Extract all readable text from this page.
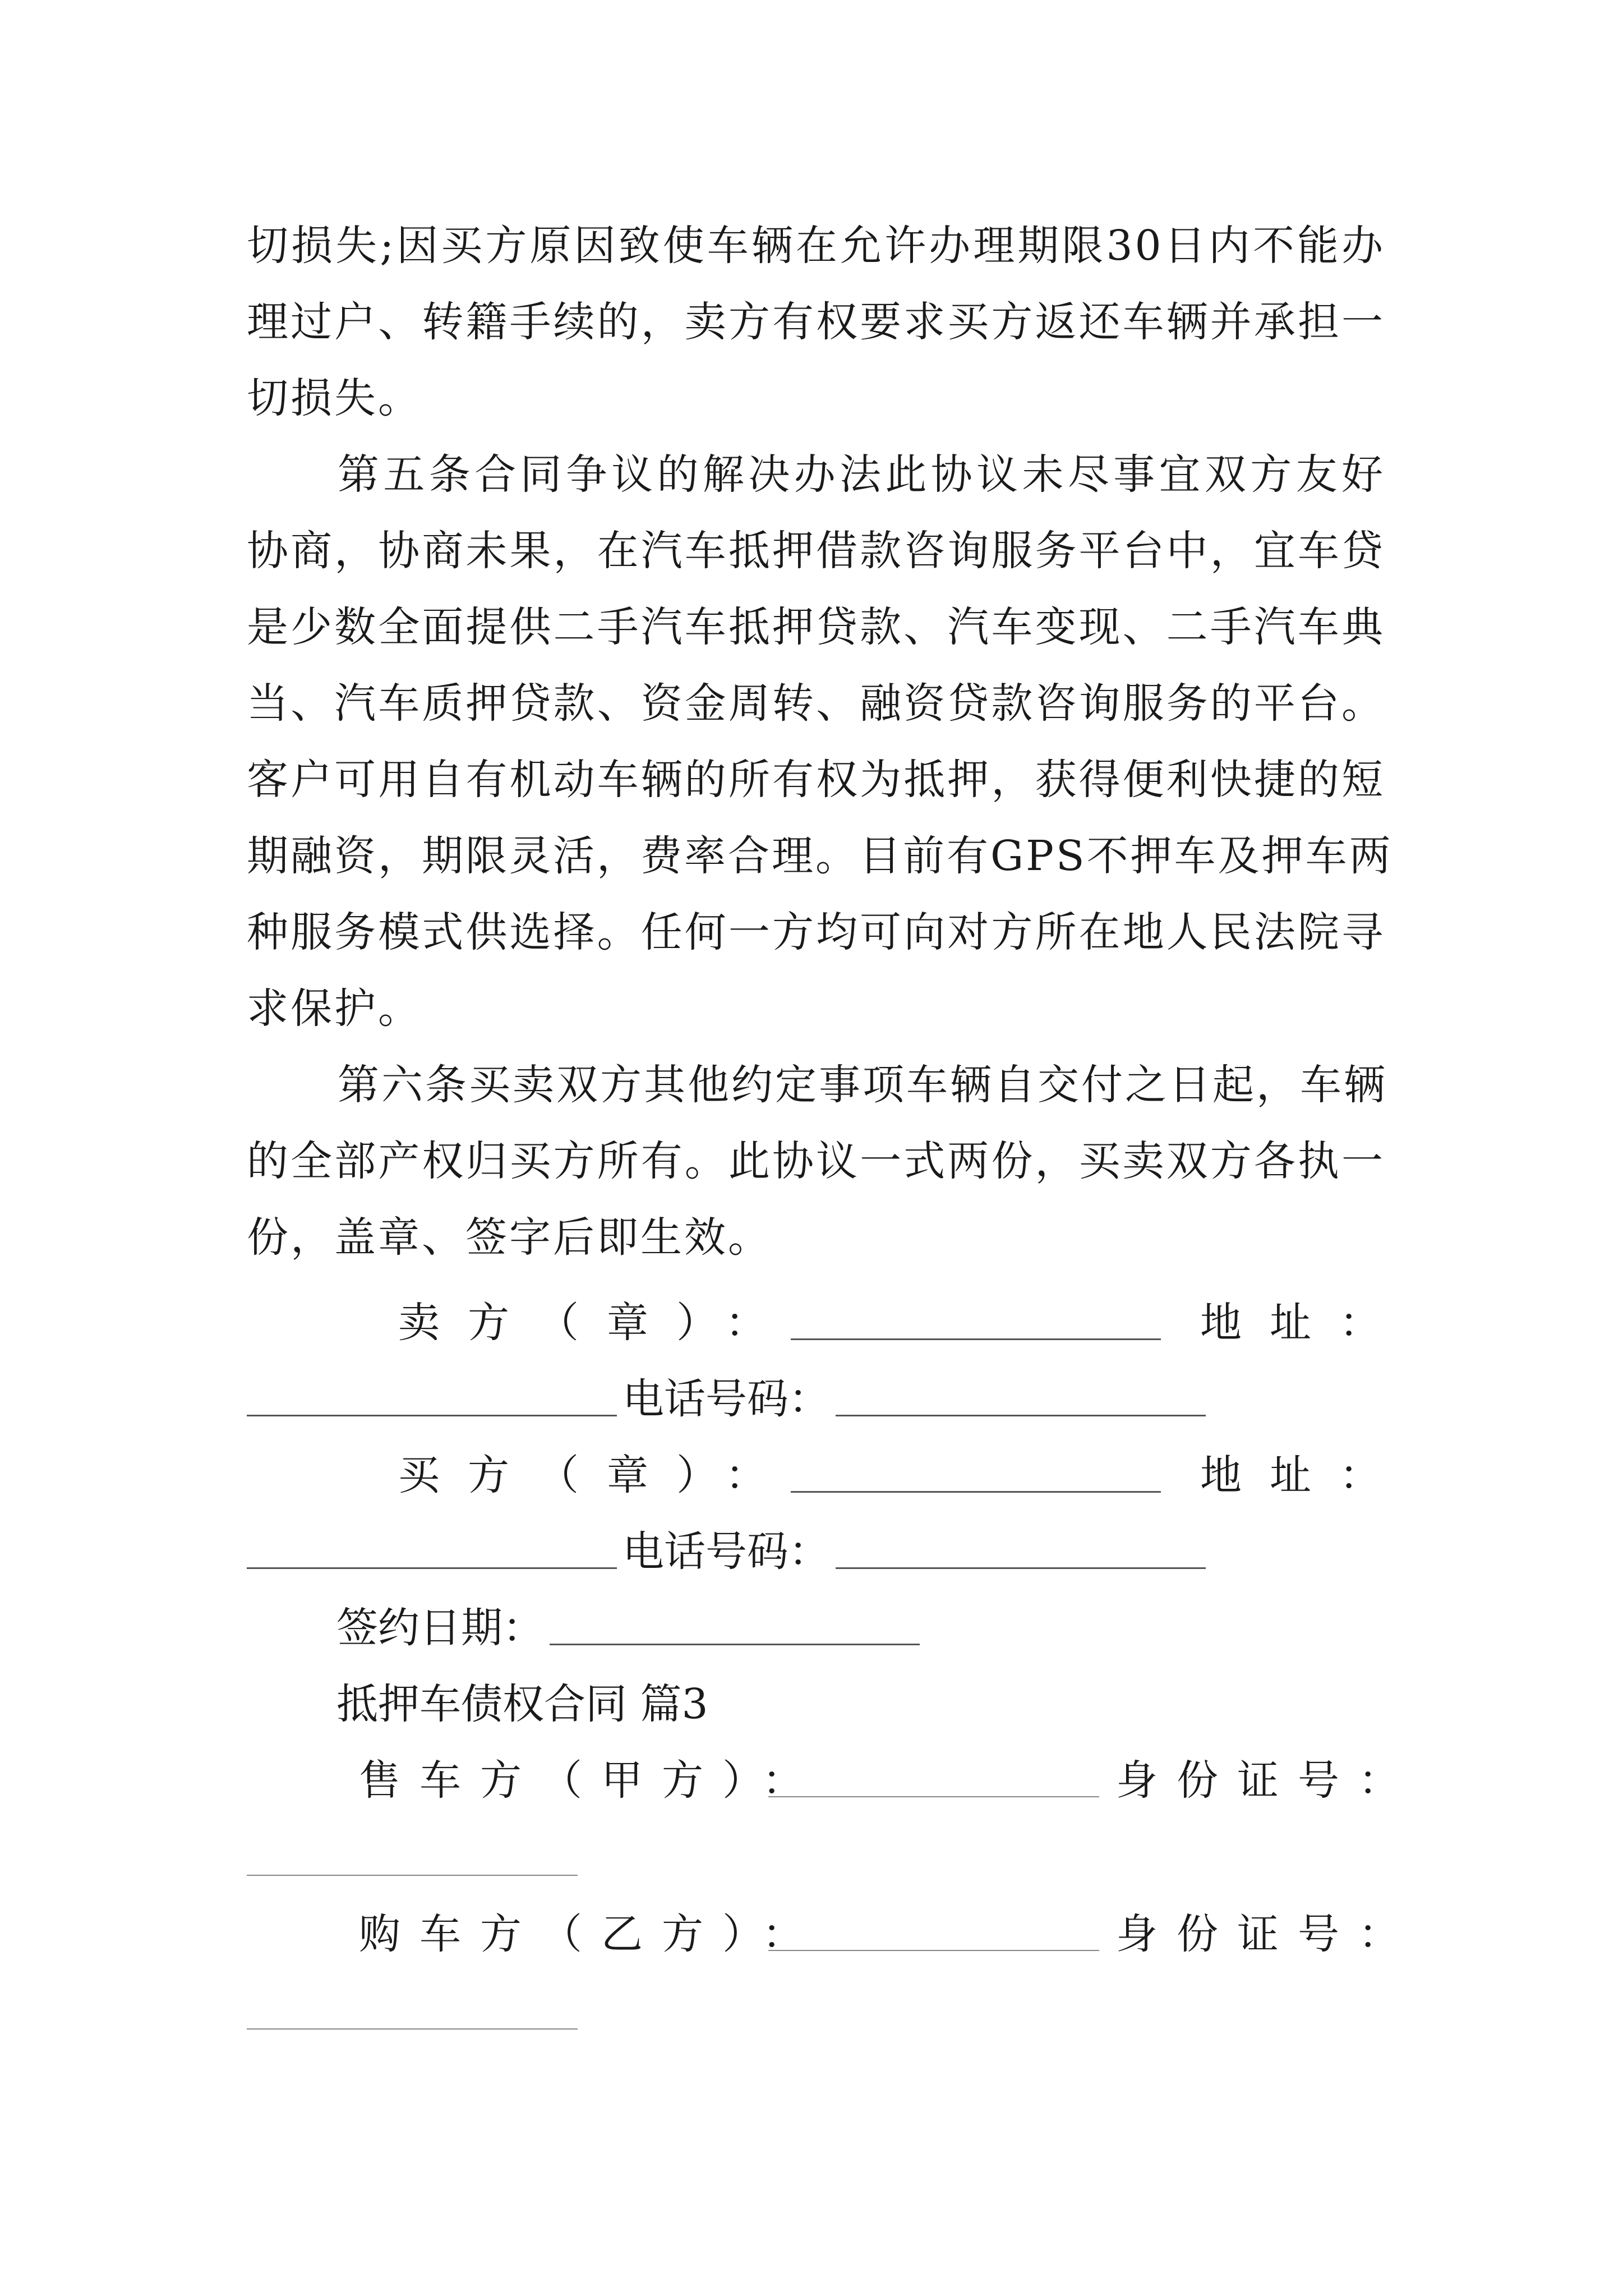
切损失;因买方原因致使车辆在允许办理期限30日内不能办
理过户、转籍手续的，卖方有权要求买方返还车辆并承担一
切损失。
第五条合同争议的解决办法此协议未尽事宜双方友好
协商，协商未果，在汽车抵押借款咨询服务平台中，宜车贷
是少数全面提供二手汽车抵押贷款、汽车变现、二手汽车典
当、汽车质押贷款、资金周转、融资贷款咨询服务的平台。
客户可用自有机动车辆的所有权为抵押，获得便利快捷的短
期融资，期限灵活，费率合理。目前有GPS不押车及押车两
种服务模式供选择。任何一方均可向对方所在地人民法院寻
求保护。
第六条买卖双方其他约定事项车辆自交付之日起，车辆
的全部产权归买方所有。此协议一式两份，买卖双方各执一
份，盖章、签字后即生效。
卖方（章）：	地址：
电话号码：
买方（章）：	地址：
电话号码：
签约日期：
抵押车债权合同 篇3
售车方（甲方）：	身份证号：
购车方（乙方）：	身份证号：
